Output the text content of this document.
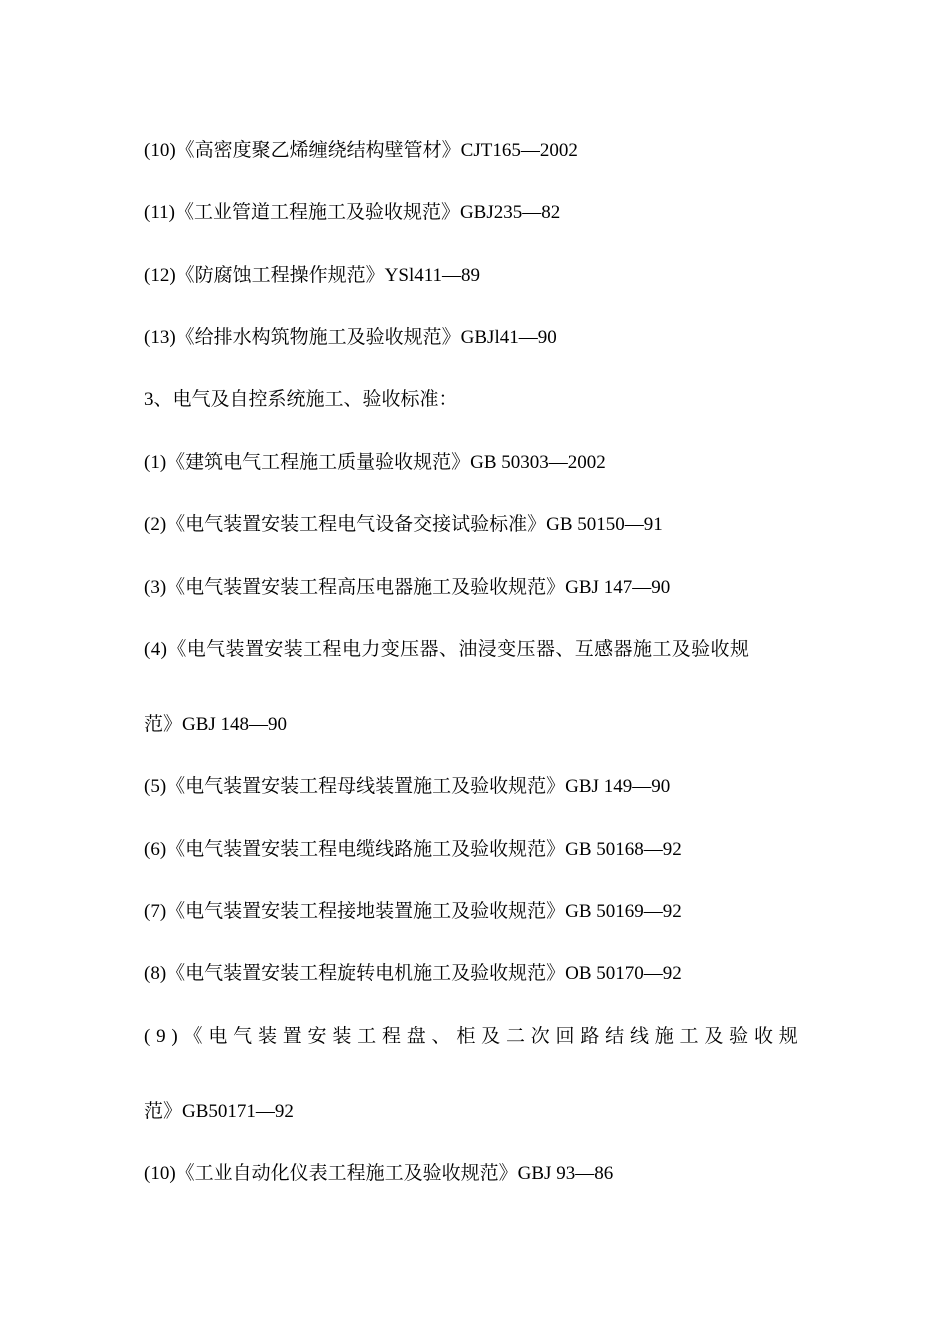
(10)《高密度聚乙烯缠绕结构壁管材》CJT165—2002
(11)《工业管道工程施工及验收规范》GBJ235—82
(12)《防腐蚀工程操作规范》YSl411—89
(13)《给排水构筑物施工及验收规范》GBJl41—90
3、电气及自控系统施工、验收标准：
(1)《建筑电气工程施工质量验收规范》GB 50303—2002
(2)《电气装置安装工程电气设备交接试验标准》GB 50150—91
(3)《电气装置安装工程高压电器施工及验收规范》GBJ 147—90
(4)《电气装置安装工程电力变压器、油浸变压器、互感器施工及验收规
范》GBJ 148—90
(5)《电气装置安装工程母线装置施工及验收规范》GBJ 149—90
(6)《电气装置安装工程电缆线路施工及验收规范》GB 50168—92
(7)《电气装置安装工程接地装置施工及验收规范》GB 50169—92
(8)《电气装置安装工程旋转电机施工及验收规范》OB 50170—92
(9)《电气装置安装工程盘、柜及二次回路结线施工及验收规
范》GB50171—92
(10)《工业自动化仪表工程施工及验收规范》GBJ 93—86
